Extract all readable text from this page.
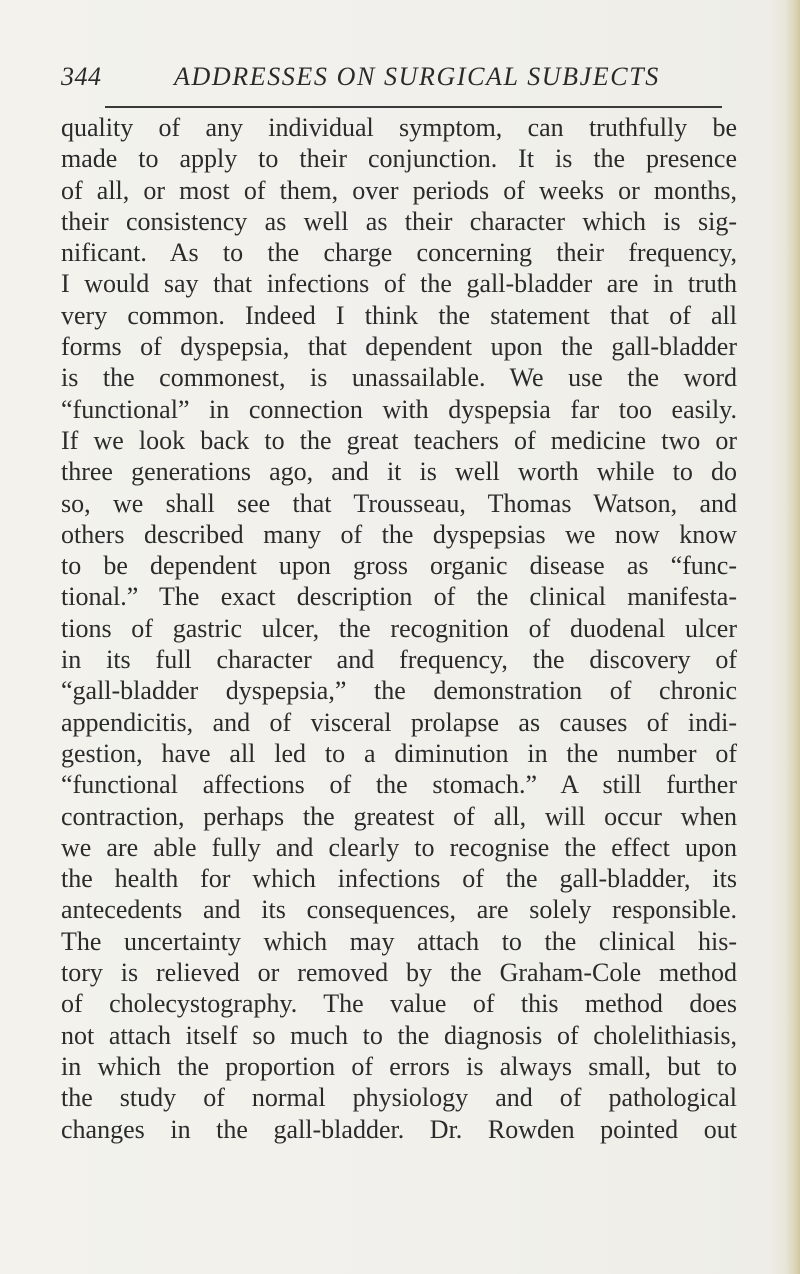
344	ADDRESSES ON SURGICAL SUBJECTS
quality of any individual symptom, can truthfully be
made to apply to their conjunction. It is the presence
of all, or most of them, over periods of weeks or months,
their consistency as well as their character which is sig-
nificant. As to the charge concerning their frequency,
I would say that infections of the gall-bladder are in truth
very common. Indeed I think the statement that of all
forms of dyspepsia, that dependent upon the gall-bladder
is the commonest, is unassailable. We use the word
“functional” in connection with dyspepsia far too easily.
If we look back to the great teachers of medicine two or
three generations ago, and it is well worth while to do
so, we shall see that Trousseau, Thomas Watson, and
others described many of the dyspepsias we now know
to be dependent upon gross organic disease as “func-
tional.” The exact description of the clinical manifesta-
tions of gastric ulcer, the recognition of duodenal ulcer
in its full character and frequency, the discovery of
“gall-bladder dyspepsia,” the demonstration of chronic
appendicitis, and of visceral prolapse as causes of indi-
gestion, have all led to a diminution in the number of
“functional affections of the stomach.” A still further
contraction, perhaps the greatest of all, will occur when
we are able fully and clearly to recognise the effect upon
the health for which infections of the gall-bladder, its
antecedents and its consequences, are solely responsible.
The uncertainty which may attach to the clinical his-
tory is relieved or removed by the Graham-Cole method
of cholecystography. The value of this method does
not attach itself so much to the diagnosis of cholelithiasis,
in which the proportion of errors is always small, but to
the study of normal physiology and of pathological
changes in the gall-bladder. Dr. Rowden pointed out
